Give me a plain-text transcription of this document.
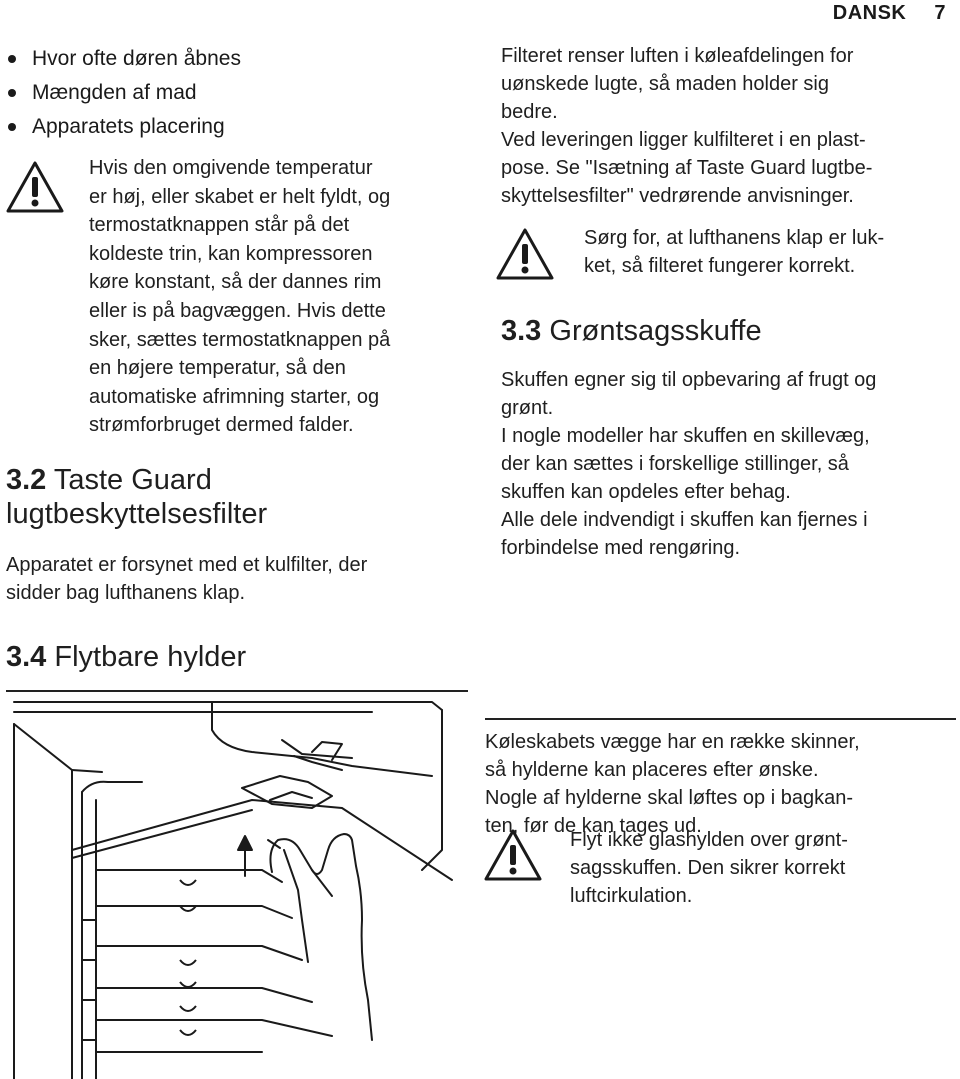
DANSK 7
Hvor ofte døren åbnes
Mængden af mad
Apparatets placering
Hvis den omgivende temperatur
er høj, eller skabet er helt fyldt, og
termostatknappen står på det
koldeste trin, kan kompressoren
køre konstant, så der dannes rim
eller is på bagvæggen. Hvis dette
sker, sættes termostatknappen på
en højere temperatur, så den
automatiske afrimning starter, og
strømforbruget dermed falder.
3.2 Taste Guard
lugtbeskyttelsesfilter
Apparatet er forsynet med et kulfilter, der
sidder bag lufthanens klap.
Filteret renser luften i køleafdelingen for
uønskede lugte, så maden holder sig
bedre.
Ved leveringen ligger kulfilteret i en plast-
pose. Se "Isætning af Taste Guard lugtbe-
skyttelsesfilter" vedrørende anvisninger.
Sørg for, at lufthanens klap er luk-
ket, så filteret fungerer korrekt.
3.3 Grøntsagsskuffe
Skuffen egner sig til opbevaring af frugt og
grønt.
I nogle modeller har skuffen en skillevæg,
der kan sættes i forskellige stillinger, så
skuffen kan opdeles efter behag.
Alle dele indvendigt i skuffen kan fjernes i
forbindelse med rengøring.
3.4 Flytbare hylder
Køleskabets vægge har en række skinner,
så hylderne kan placeres efter ønske.
Nogle af hylderne skal løftes op i bagkan-
ten, før de kan tages ud.
Flyt ikke glashylden over grønt-
sagsskuffen. Den sikrer korrekt
luftcirkulation.
